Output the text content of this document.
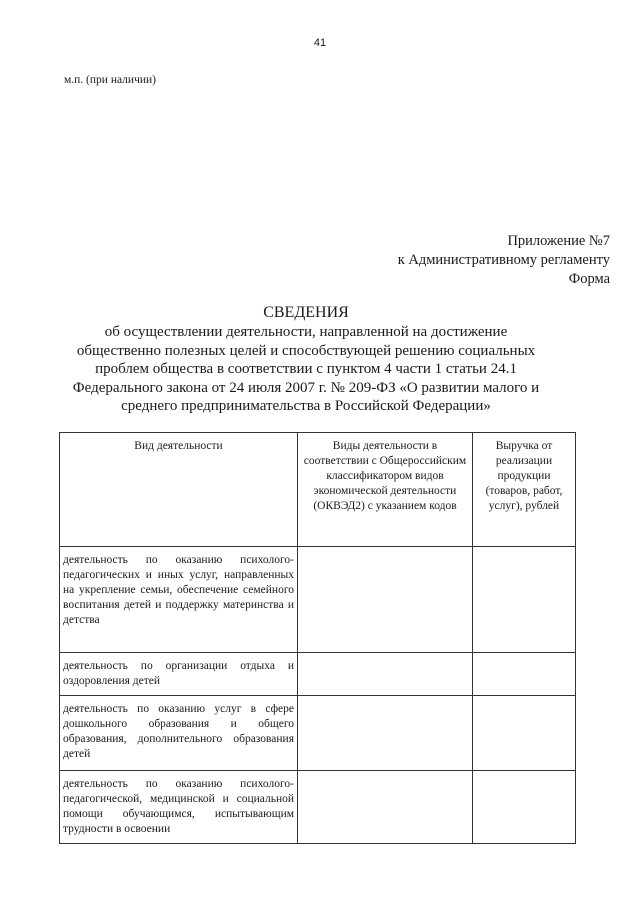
41
м.п. (при наличии)
Приложение №7
к Административному регламенту
Форма
СВЕДЕНИЯ
об осуществлении деятельности, направленной на достижение
общественно полезных целей и способствующей решению социальных
проблем общества в соответствии с пунктом 4 части 1 статьи 24.1
Федерального закона от 24 июля 2007 г. № 209-ФЗ «О развитии малого и
среднего предпринимательства в Российской Федерации»
Вид деятельности	Виды деятельности в соответствии с Общероссийским классификатором видов экономической деятельности (ОКВЭД2) с указанием кодов	Выручка от реализации продукции (товаров, работ, услуг), рублей
деятельность по оказанию психолого-педагогических и иных услуг, направленных на укрепление семьи, обеспечение семейного воспитания детей и поддержку материнства и детства		
деятельность по организации отдыха и оздоровления детей		
деятельность по оказанию услуг в сфере дошкольного образования и общего образования, дополнительного образования детей		
деятельность по оказанию психолого-педагогической, медицинской и социальной помощи обучающимся, испытывающим трудности в освоении		
